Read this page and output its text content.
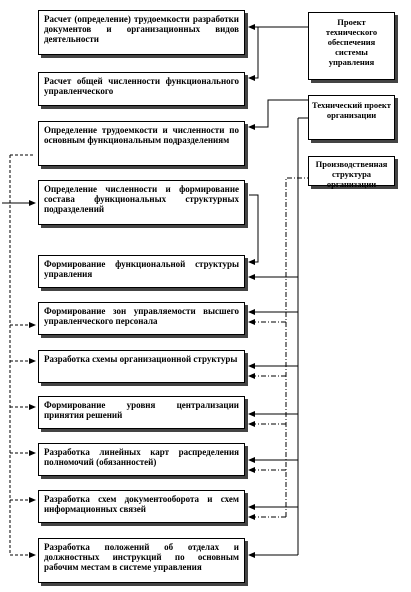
Расчет (определение) трудоемкости разработки документов и организационных видов деятельности
Расчет общей численности функционального управленческого
Определение трудоемкости и численности по основным функциональным подразделениям
Определение численности и формирование состава функциональных структурных подразделений
Формирование функциональной структуры управления
Формирование зон управляемости высшего управленческого персонала
Разработка схемы организационной структуры
Формирование уровня централизации принятия решений
Разработка линейных карт распределения полномочий (обязанностей)
Разработка схем документооборота и схем информационных связей
Разработка положений об отделах и должностных инструкций по основным рабочим местам в системе управления
Проект технического обеспечения системы управления
Технический проект организации
Производственная структура организации
